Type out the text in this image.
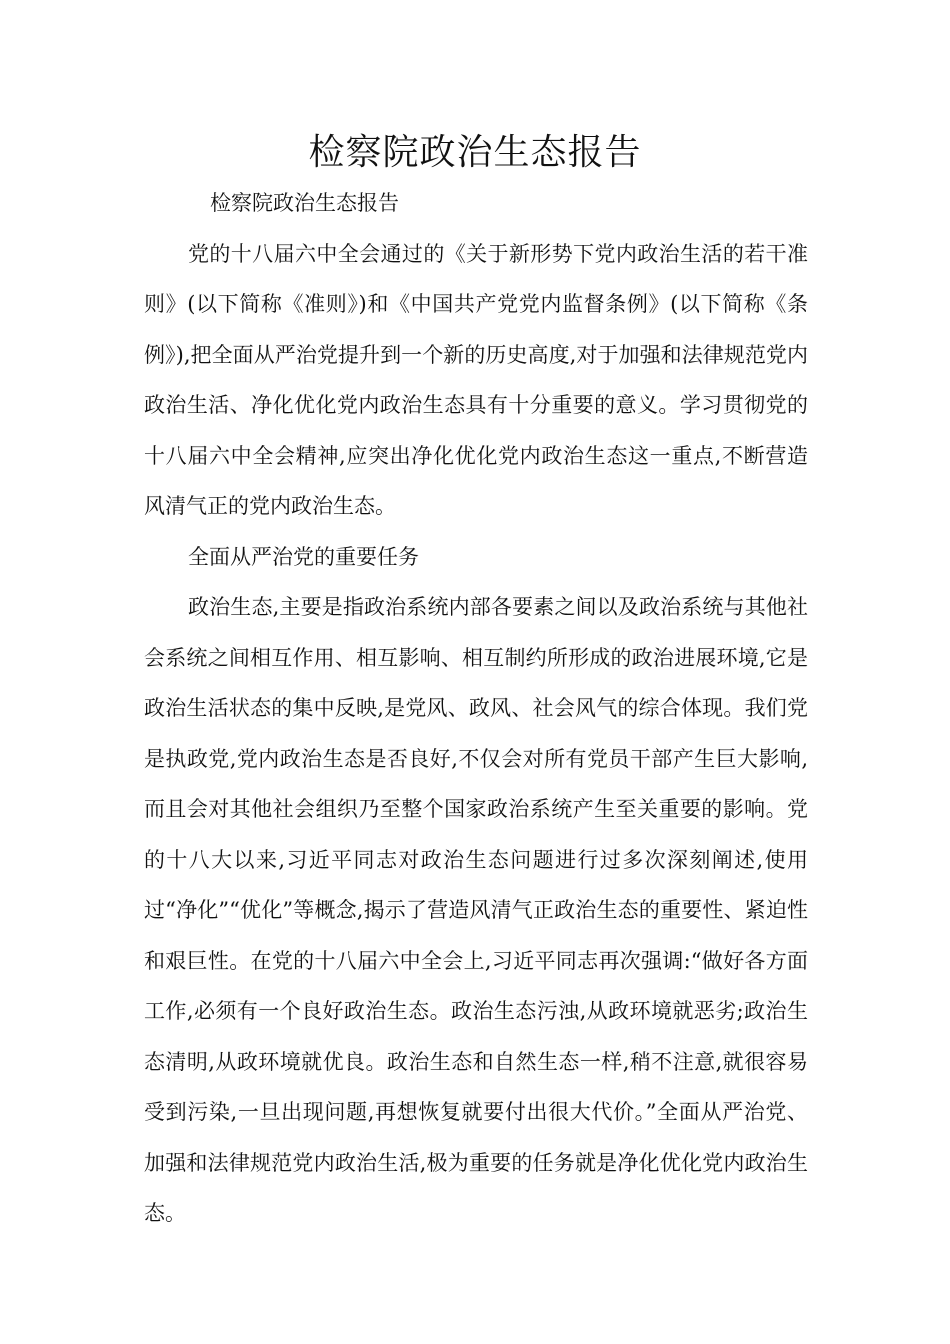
检察院政治生态报告

检察院政治生态报告

党的十八届六中全会通过的《关于新形势下党内政治生活的若干准则》(以下简称《准则》)和《中国共产党党内监督条例》(以下简称《条例》),把全面从严治党提升到一个新的历史高度,对于加强和法律规范党内政治生活、净化优化党内政治生态具有十分重要的意义。学习贯彻党的十八届六中全会精神,应突出净化优化党内政治生态这一重点,不断营造风清气正的党内政治生态。

全面从严治党的重要任务

政治生态,主要是指政治系统内部各要素之间以及政治系统与其他社会系统之间相互作用、相互影响、相互制约所形成的政治进展环境,它是政治生活状态的集中反映,是党风、政风、社会风气的综合体现。我们党是执政党,党内政治生态是否良好,不仅会对所有党员干部产生巨大影响,而且会对其他社会组织乃至整个国家政治系统产生至关重要的影响。党的十八大以来,习近平同志对政治生态问题进行过多次深刻阐述,使用过“净化”“优化”等概念,揭示了营造风清气正政治生态的重要性、紧迫性和艰巨性。在党的十八届六中全会上,习近平同志再次强调:“做好各方面工作,必须有一个良好政治生态。政治生态污浊,从政环境就恶劣;政治生态清明,从政环境就优良。政治生态和自然生态一样,稍不注意,就很容易受到污染,一旦出现问题,再想恢复就要付出很大代价。”全面从严治党、加强和法律规范党内政治生活,极为重要的任务就是净化优化党内政治生态。
